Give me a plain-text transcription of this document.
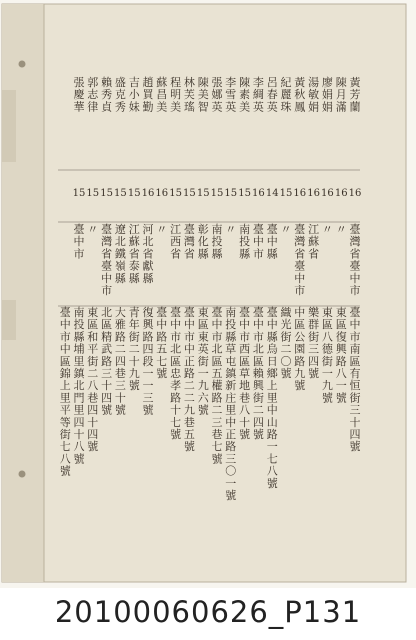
黃芳蘭
16
臺灣省臺中市
臺中市南區有恒街三十四號
陳月滿
16
〃
東區復興路八一號
廖娟娟
16
〃
東區八德街一九號
湯敏娟
16
江蘇省
樂群街三四號
黃秋鳳
16
臺灣省臺中市
中區公園路九號
紀麗珠
15
〃
織光街二〇號
呂春英
14
臺中縣
臺中縣烏日鄉上里中山路一七八號
李綢英
16
臺中市
臺中市北區賴興街二四號
陳素美
15
南投縣
臺中市西區草地巷八十號
李雪英
15
〃
南投縣草屯鎮新庄里中正路三〇一號
張娜英
15
南投縣
臺中市北區五權路二三巷七號
陳美智
15
彰化縣
東區東英街一九六號
林芙瑤
15
臺灣省
臺中市中正路二二九巷五號
程明美
15
江西省
臺中市北區忠孝路十七號
蘇昌美
16
〃
臺中路五七號
趙買勤
16
河北省獻縣
復興路四段一一三號
吉小妹
15
江蘇省泰縣
青年街二十九號
盛克秀
15
遼北鐵嶺縣
大雅路二四巷三十號
賴秀貞
15
臺灣省臺中市
北區精武路三十四號
郭志律
15
〃
東區和平街二八巷四十四號
張慶華
15
臺中市
南投縣埔里鎮北門里四十八號
臺中市中區錦上里平等街七八號
20100060626_P131
